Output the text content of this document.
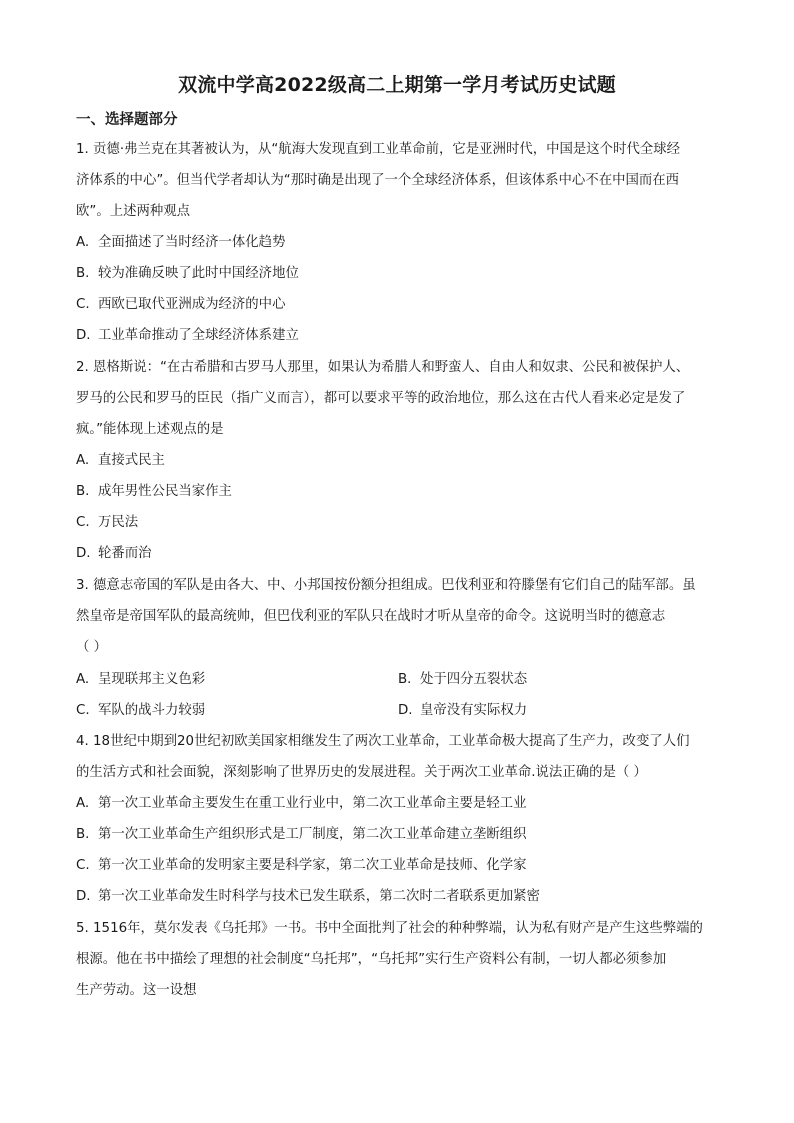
双流中学高2022级高二上期第一学月考试历史试题
一、选择题部分
1. 贡德·弗兰克在其著被认为，从“航海大发现直到工业革命前，它是亚洲时代，中国是这个时代全球经
济体系的中心”。但当代学者却认为“那时确是出现了一个全球经济体系，但该体系中心不在中国而在西
欧”。上述两种观点
A. 全面描述了当时经济一体化趋势
B. 较为准确反映了此时中国经济地位
C. 西欧已取代亚洲成为经济的中心
D. 工业革命推动了全球经济体系建立
2. 恩格斯说：“在古希腊和古罗马人那里，如果认为希腊人和野蛮人、自由人和奴隶、公民和被保护人、
罗马的公民和罗马的臣民（指广义而言），都可以要求平等的政治地位，那么这在古代人看来必定是发了
疯。”能体现上述观点的是
A. 直接式民主
B. 成年男性公民当家作主
C. 万民法
D. 轮番而治
3. 德意志帝国的军队是由各大、中、小邦国按份额分担组成。巴伐利亚和符滕堡有它们自己的陆军部。虽
然皇帝是帝国军队的最高统帅，但巴伐利亚的军队只在战时才听从皇帝的命令。这说明当时的德意志
（ ）
A. 呈现联邦主义色彩	B. 处于四分五裂状态
C. 军队的战斗力较弱	D. 皇帝没有实际权力
4. 18世纪中期到20世纪初欧美国家相继发生了两次工业革命，工业革命极大提高了生产力，改变了人们
的生活方式和社会面貌，深刻影响了世界历史的发展进程。关于两次工业革命.说法正确的是（ ）
A. 第一次工业革命主要发生在重工业行业中，第二次工业革命主要是轻工业
B. 第一次工业革命生产组织形式是工厂制度，第二次工业革命建立垄断组织
C. 第一次工业革命的发明家主要是科学家，第二次工业革命是技师、化学家
D. 第一次工业革命发生时科学与技术已发生联系，第二次时二者联系更加紧密
5. 1516年，莫尔发表《乌托邦》一书。书中全面批判了社会的种种弊端，认为私有财产是产生这些弊端的
根源。他在书中描绘了理想的社会制度“乌托邦”，“乌托邦”实行生产资料公有制，一切人都必须参加
生产劳动。这一设想
